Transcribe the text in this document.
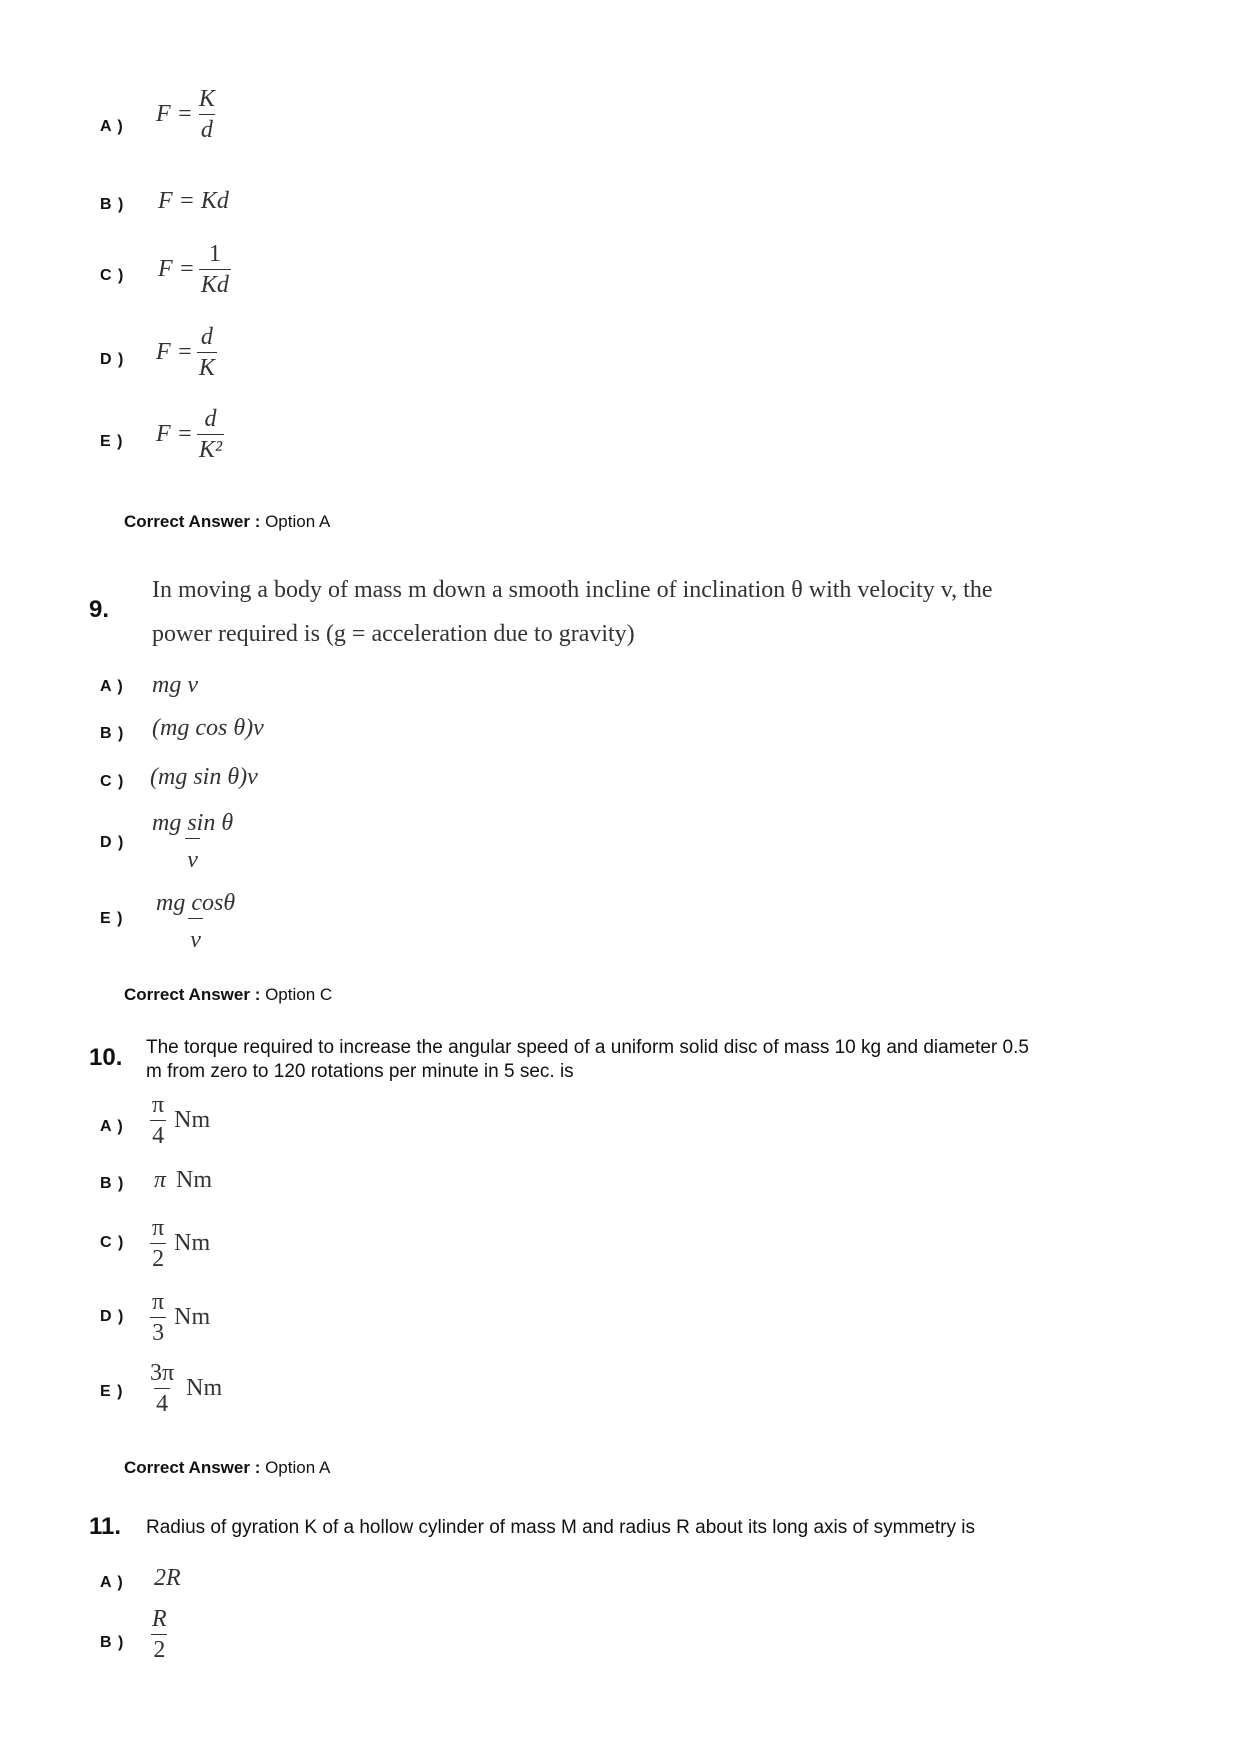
A ) $F = \frac{K}{d}$
B ) F = Kd
C ) $F = \frac{1}{Kd}$
D ) $F = \frac{d}{K}$
E ) $F = \frac{d}{\text{K²}}$
Correct Answer : Option A
9.
In moving a body of mass m down a smooth incline of inclination θ with velocity v, the
power required is (g = acceleration due to gravity)
A ) mg v
B ) (mg cos θ)v
C ) (mg sin θ)v
D ) $\frac{\text{mg sin θ}}{v}$
E ) $\frac{\text{mg cosθ}}{v}$
Correct Answer : Option C
10. The torque required to increase the angular speed of a uniform solid disc of mass 10 kg and diameter 0.5
m from zero to 120 rotations per minute in 5 sec. is
A ) $\frac{\pi}{4}$ Nm
B ) π Nm
C ) $\frac{\pi}{2}$ Nm
D ) $\frac{\pi}{3}$ Nm
E ) $\frac{3\pi}{4}$ Nm
Correct Answer : Option A
11. Radius of gyration K of a hollow cylinder of mass M and radius R about its long axis of symmetry is
A ) 2R
B ) $\frac{R}{2}$
